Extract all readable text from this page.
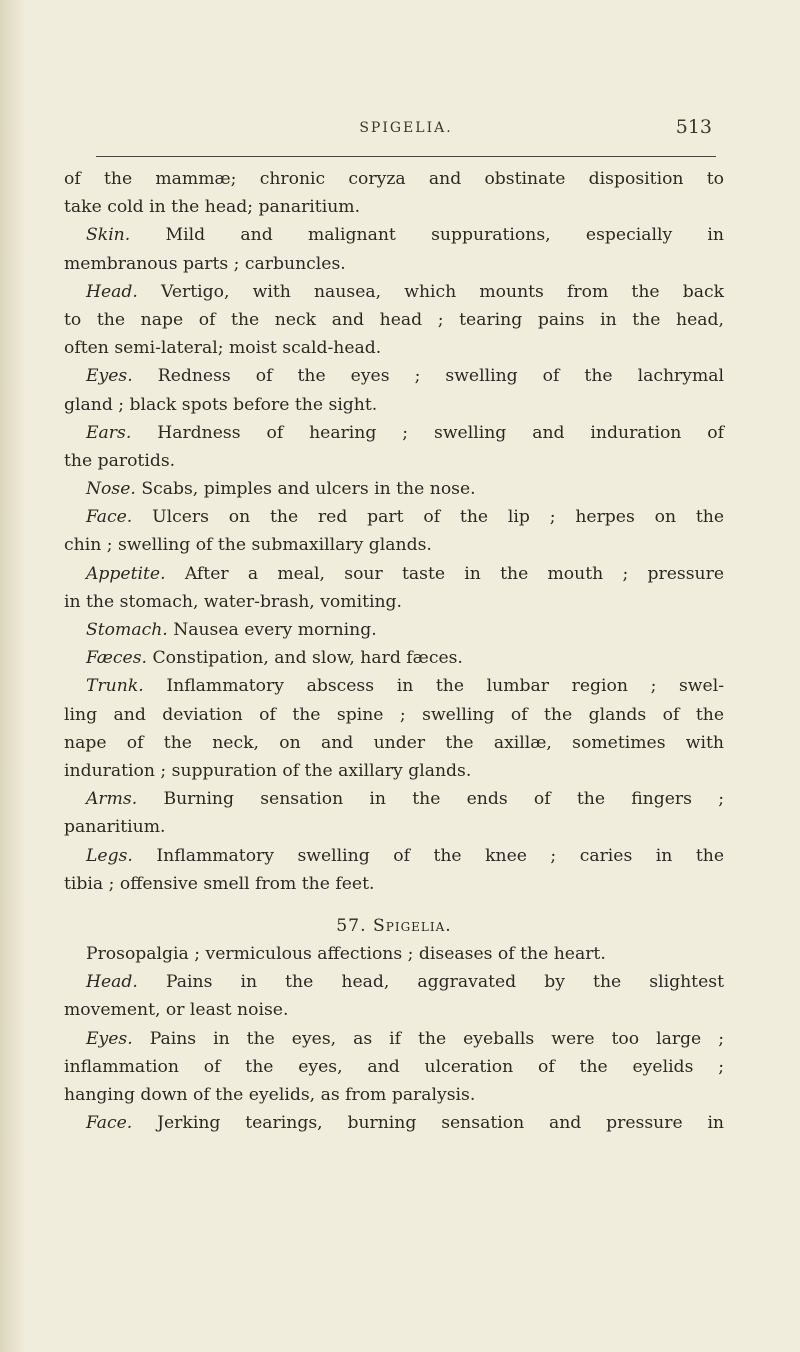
SPIGELIA.	513
of the mammæ; chronic coryza and obstinate disposition to
take cold in the head; panaritium.
Skin. Mild and malignant suppurations, especially in
membranous parts ; carbuncles.
Head. Vertigo, with nausea, which mounts from the back
to the nape of the neck and head ; tearing pains in the head,
often semi-lateral; moist scald-head.
Eyes. Redness of the eyes ; swelling of the lachrymal
gland ; black spots before the sight.
Ears. Hardness of hearing ; swelling and induration of
the parotids.
Nose. Scabs, pimples and ulcers in the nose.
Face. Ulcers on the red part of the lip ; herpes on the
chin ; swelling of the submaxillary glands.
Appetite. After a meal, sour taste in the mouth ; pressure
in the stomach, water-brash, vomiting.
Stomach. Nausea every morning.
Fæces. Constipation, and slow, hard fæces.
Trunk. Inflammatory abscess in the lumbar region ; swel-
ling and deviation of the spine ; swelling of the glands of the
nape of the neck, on and under the axillæ, sometimes with
induration ; suppuration of the axillary glands.
Arms. Burning sensation in the ends of the fingers ;
panaritium.
Legs. Inflammatory swelling of the knee ; caries in the
tibia ; offensive smell from the feet.
57. Spigelia.
Prosopalgia ; vermiculous affections ; diseases of the heart.
Head. Pains in the head, aggravated by the slightest
movement, or least noise.
Eyes. Pains in the eyes, as if the eyeballs were too large ;
inflammation of the eyes, and ulceration of the eyelids ;
hanging down of the eyelids, as from paralysis.
Face. Jerking tearings, burning sensation and pressure in
